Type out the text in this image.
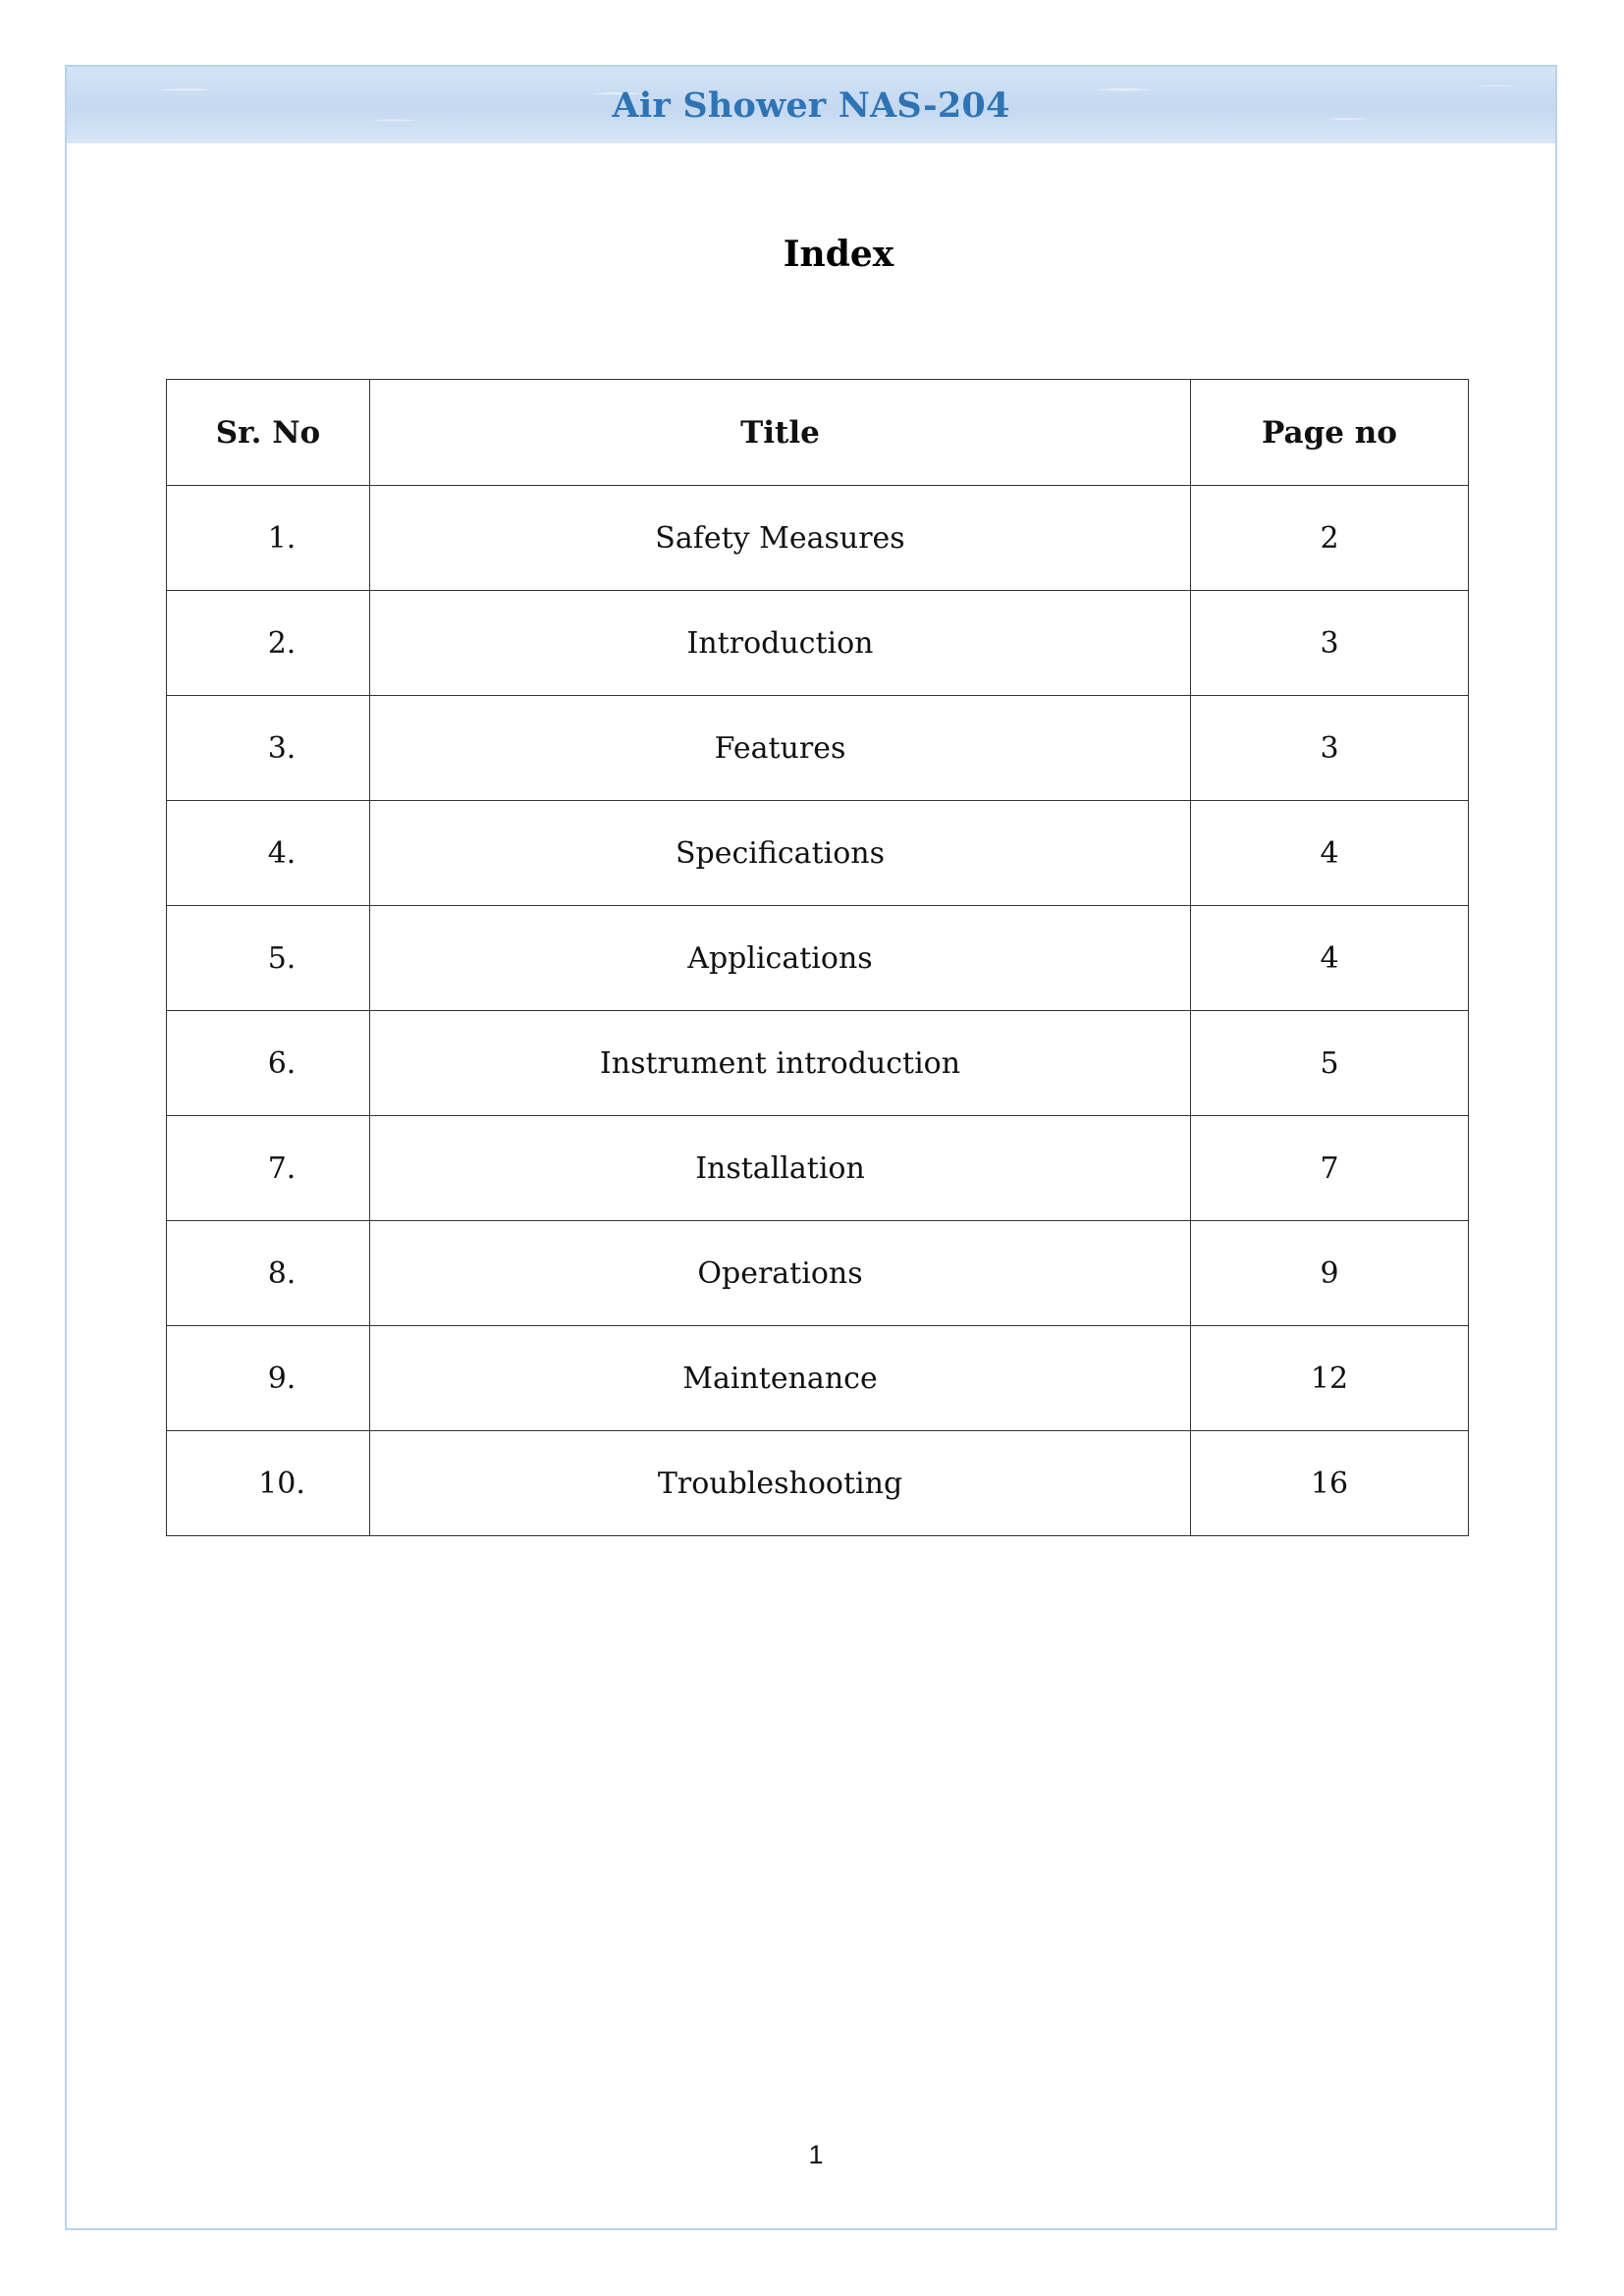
Air Shower NAS-204
Index
Sr. No	Title	Page no
1.	Safety Measures	2
2.	Introduction	3
3.	Features	3
4.	Specifications	4
5.	Applications	4
6.	Instrument introduction	5
7.	Installation	7
8.	Operations	9
9.	Maintenance	12
10.	Troubleshooting	16
1
